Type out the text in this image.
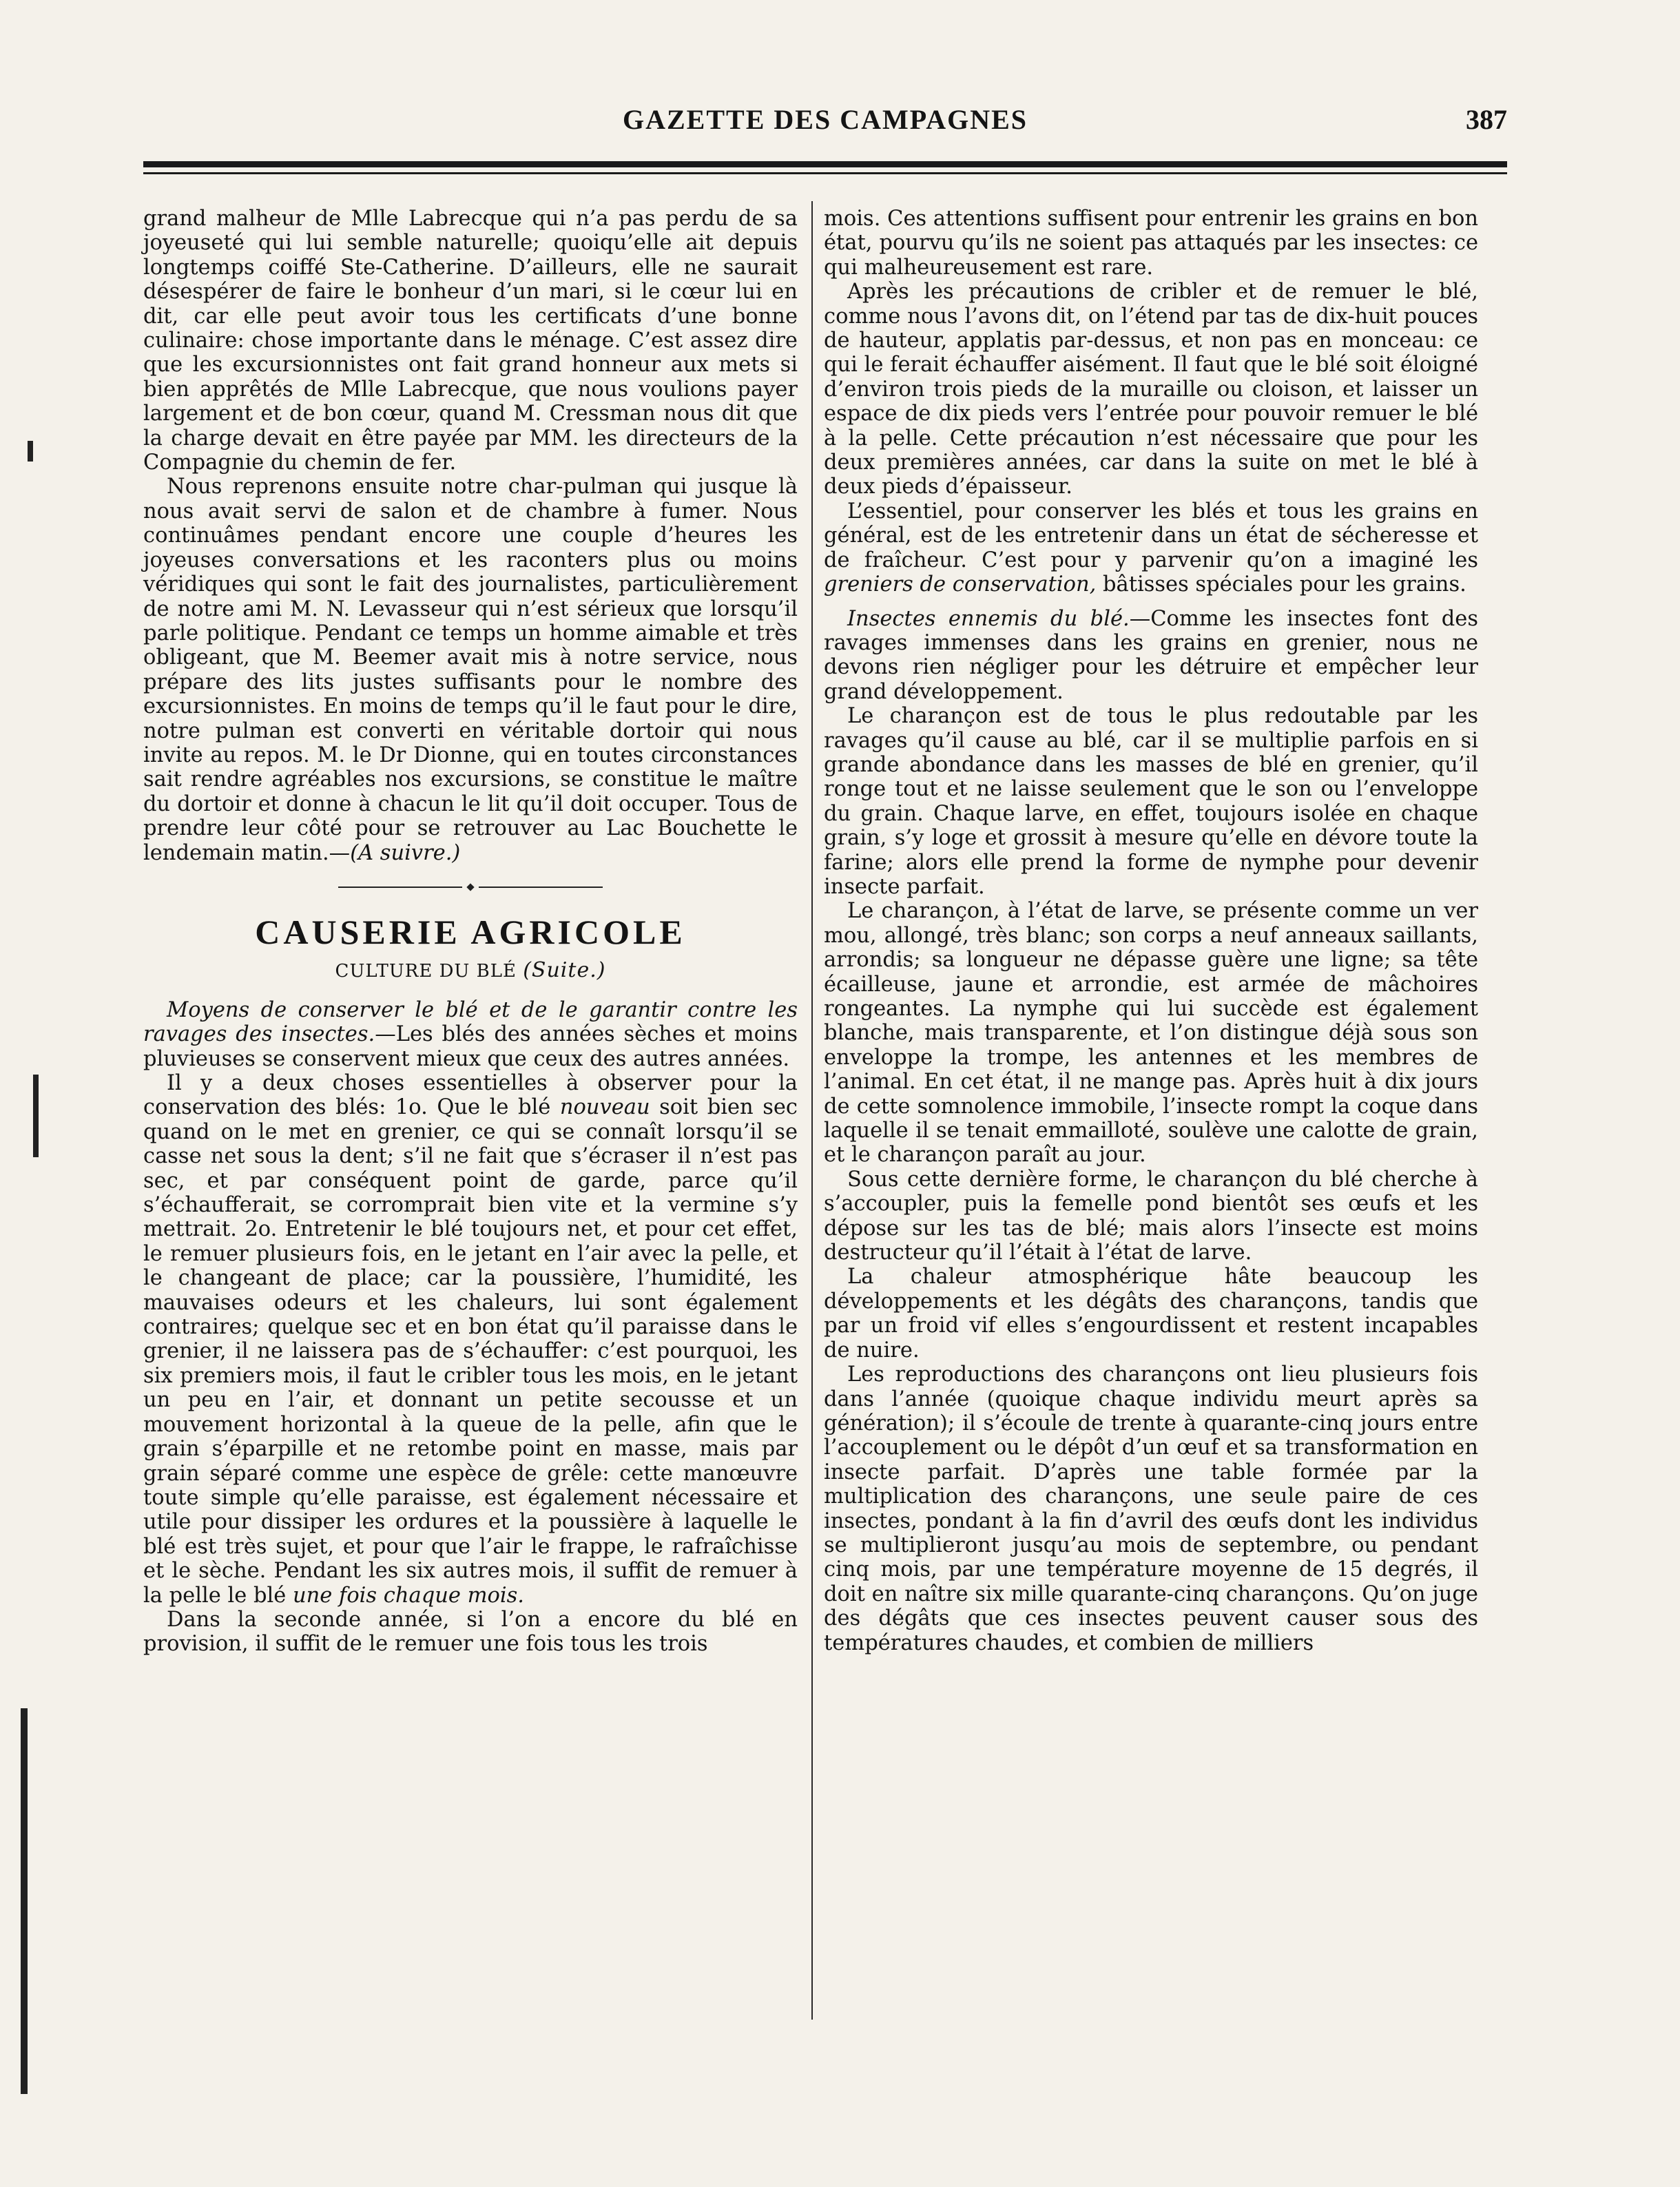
GAZETTE DES CAMPAGNES	387

grand malheur de Mlle Labrecque qui n’a pas perdu de sa joyeuseté qui lui semble naturelle; quoiqu’elle ait depuis longtemps coiffé Ste-Catherine. D’ailleurs, elle ne saurait désespérer de faire le bonheur d’un mari, si le cœur lui en dit, car elle peut avoir tous les certificats d’une bonne culinaire: chose importante dans le ménage. C’est assez dire que les excursionnistes ont fait grand honneur aux mets si bien apprêtés de Mlle Labrecque, que nous voulions payer largement et de bon cœur, quand M. Cressman nous dit que la charge devait en être payée par MM. les directeurs de la Compagnie du chemin de fer.

Nous reprenons ensuite notre char-pulman qui jusque là nous avait servi de salon et de chambre à fumer. Nous continuâmes pendant encore une couple d’heures les joyeuses conversations et les raconters plus ou moins véridiques qui sont le fait des journalistes, particulièrement de notre ami M. N. Levasseur qui n’est sérieux que lorsqu’il parle politique. Pendant ce temps un homme aimable et très obligeant, que M. Beemer avait mis à notre service, nous prépare des lits justes suffisants pour le nombre des excursionnistes. En moins de temps qu’il le faut pour le dire, notre pulman est converti en véritable dortoir qui nous invite au repos. M. le Dr Dionne, qui en toutes circonstances sait rendre agréables nos excursions, se constitue le maître du dortoir et donne à chacun le lit qu’il doit occuper. Tous de prendre leur côté pour se retrouver au Lac Bouchette le lendemain matin.—(A suivre.)

CAUSERIE AGRICOLE
CULTURE DU BLÉ (Suite.)

Moyens de conserver le blé et de le garantir contre les ravages des insectes.—Les blés des années sèches et moins pluvieuses se conservent mieux que ceux des autres années.

Il y a deux choses essentielles à observer pour la conservation des blés: 1o. Que le blé nouveau soit bien sec quand on le met en grenier, ce qui se connaît lorsqu’il se casse net sous la dent; s’il ne fait que s’écraser il n’est pas sec, et par conséquent point de garde, parce qu’il s’échaufferait, se corromprait bien vite et la vermine s’y mettrait. 2o. Entretenir le blé toujours net, et pour cet effet, le remuer plusieurs fois, en le jetant en l’air avec la pelle, et le changeant de place; car la poussière, l’humidité, les mauvaises odeurs et les chaleurs, lui sont également contraires; quelque sec et en bon état qu’il paraisse dans le grenier, il ne laissera pas de s’échauffer: c’est pourquoi, les six premiers mois, il faut le cribler tous les mois, en le jetant un peu en l’air, et donnant un petite secousse et un mouvement horizontal à la queue de la pelle, afin que le grain s’éparpille et ne retombe point en masse, mais par grain séparé comme une espèce de grêle: cette manœuvre toute simple qu’elle paraisse, est également nécessaire et utile pour dissiper les ordures et la poussière à laquelle le blé est très sujet, et pour que l’air le frappe, le rafraîchisse et le sèche. Pendant les six autres mois, il suffit de remuer à la pelle le blé une fois chaque mois.

Dans la seconde année, si l’on a encore du blé en provision, il suffit de le remuer une fois tous les trois

mois. Ces attentions suffisent pour entrenir les grains en bon état, pourvu qu’ils ne soient pas attaqués par les insectes: ce qui malheureusement est rare.

Après les précautions de cribler et de remuer le blé, comme nous l’avons dit, on l’étend par tas de dix-huit pouces de hauteur, applatis par-dessus, et non pas en monceau: ce qui le ferait échauffer aisément. Il faut que le blé soit éloigné d’environ trois pieds de la muraille ou cloison, et laisser un espace de dix pieds vers l’entrée pour pouvoir remuer le blé à la pelle. Cette précaution n’est nécessaire que pour les deux premières années, car dans la suite on met le blé à deux pieds d’épaisseur.

L’essentiel, pour conserver les blés et tous les grains en général, est de les entretenir dans un état de sécheresse et de fraîcheur. C’est pour y parvenir qu’on a imaginé les greniers de conservation, bâtisses spéciales pour les grains.

Insectes ennemis du blé.—Comme les insectes font des ravages immenses dans les grains en grenier, nous ne devons rien négliger pour les détruire et empêcher leur grand développement.

Le charançon est de tous le plus redoutable par les ravages qu’il cause au blé, car il se multiplie parfois en si grande abondance dans les masses de blé en grenier, qu’il ronge tout et ne laisse seulement que le son ou l’enveloppe du grain. Chaque larve, en effet, toujours isolée en chaque grain, s’y loge et grossit à mesure qu’elle en dévore toute la farine; alors elle prend la forme de nymphe pour devenir insecte parfait.

Le charançon, à l’état de larve, se présente comme un ver mou, allongé, très blanc; son corps a neuf anneaux saillants, arrondis; sa longueur ne dépasse guère une ligne; sa tête écailleuse, jaune et arrondie, est armée de mâchoires rongeantes. La nymphe qui lui succède est également blanche, mais transparente, et l’on distingue déjà sous son enveloppe la trompe, les antennes et les membres de l’animal. En cet état, il ne mange pas. Après huit à dix jours de cette somnolence immobile, l’insecte rompt la coque dans laquelle il se tenait emmailloté, soulève une calotte de grain, et le charançon paraît au jour.

Sous cette dernière forme, le charançon du blé cherche à s’accoupler, puis la femelle pond bientôt ses œufs et les dépose sur les tas de blé; mais alors l’insecte est moins destructeur qu’il l’était à l’état de larve.

La chaleur atmosphérique hâte beaucoup les développements et les dégâts des charançons, tandis que par un froid vif elles s’engourdissent et restent incapables de nuire.

Les reproductions des charançons ont lieu plusieurs fois dans l’année (quoique chaque individu meurt après sa génération); il s’écoule de trente à quarante-cinq jours entre l’accouplement ou le dépôt d’un œuf et sa transformation en insecte parfait. D’après une table formée par la multiplication des charançons, une seule paire de ces insectes, pondant à la fin d’avril des œufs dont les individus se multiplieront jusqu’au mois de septembre, ou pendant cinq mois, par une température moyenne de 15 degrés, il doit en naître six mille quarante-cinq charançons. Qu’on juge des dégâts que ces insectes peuvent causer sous des températures chaudes, et combien de milliers
